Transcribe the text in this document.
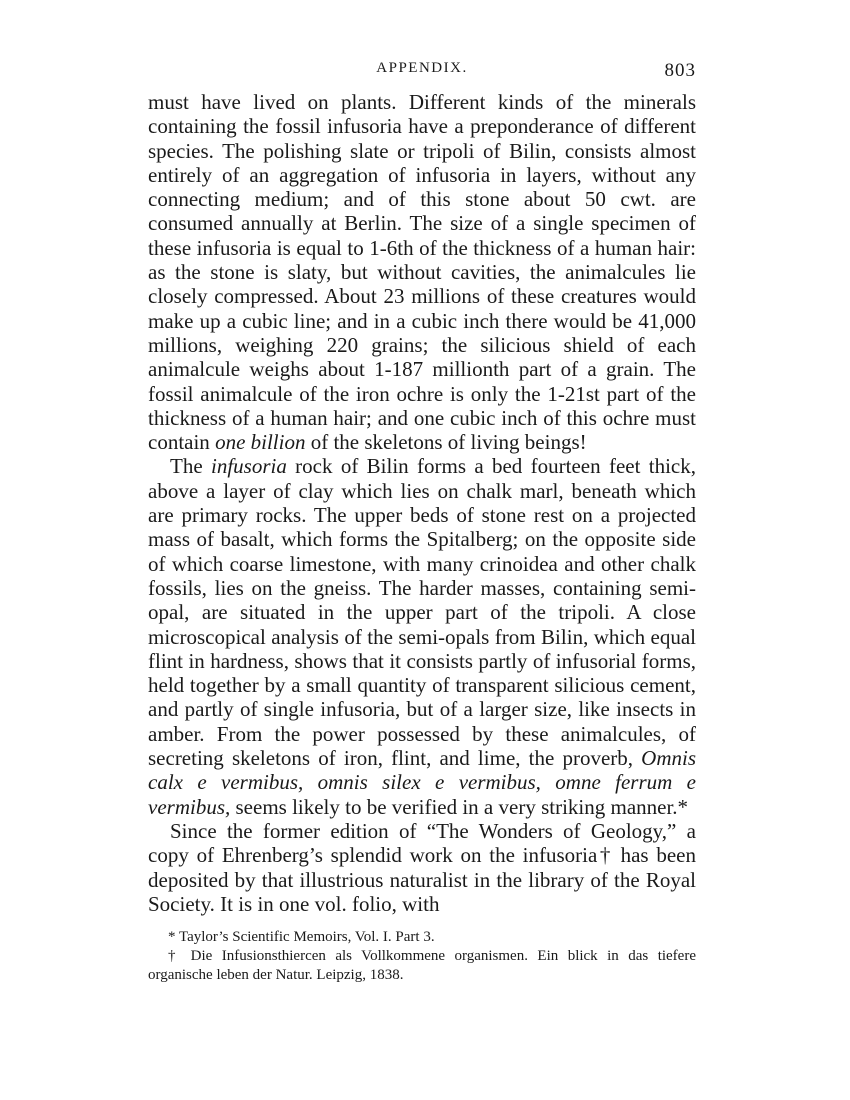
APPENDIX.	803

must have lived on plants. Different kinds of the minerals containing the fossil infusoria have a preponderance of different species. The polishing slate or tripoli of Bilin, consists almost entirely of an aggregation of infusoria in layers, without any connecting medium; and of this stone about 50 cwt. are consumed annually at Berlin. The size of a single specimen of these infusoria is equal to 1-6th of the thickness of a human hair: as the stone is slaty, but without cavities, the animalcules lie closely compressed. About 23 millions of these creatures would make up a cubic line; and in a cubic inch there would be 41,000 millions, weighing 220 grains; the silicious shield of each animalcule weighs about 1-187 millionth part of a grain. The fossil animalcule of the iron ochre is only the 1-21st part of the thickness of a human hair; and one cubic inch of this ochre must contain one billion of the skeletons of living beings!

The infusoria rock of Bilin forms a bed fourteen feet thick, above a layer of clay which lies on chalk marl, beneath which are primary rocks. The upper beds of stone rest on a projected mass of basalt, which forms the Spitalberg; on the opposite side of which coarse limestone, with many crinoidea and other chalk fossils, lies on the gneiss. The harder masses, containing semi-opal, are situated in the upper part of the tripoli. A close microscopical analysis of the semi-opals from Bilin, which equal flint in hardness, shows that it consists partly of infusorial forms, held together by a small quantity of transparent silicious cement, and partly of single infusoria, but of a larger size, like insects in amber. From the power possessed by these animalcules, of secreting skeletons of iron, flint, and lime, the proverb, Omnis calx e vermibus, omnis silex e vermibus, omne ferrum e vermibus, seems likely to be verified in a very striking manner.*

Since the former edition of “The Wonders of Geology,” a copy of Ehrenberg’s splendid work on the infusoria† has been deposited by that illustrious naturalist in the library of the Royal Society. It is in one vol. folio, with

* Taylor’s Scientific Memoirs, Vol. I. Part 3.

† Die Infusionsthiercen als Vollkommene organismen. Ein blick in das tiefere organische leben der Natur. Leipzig, 1838.
